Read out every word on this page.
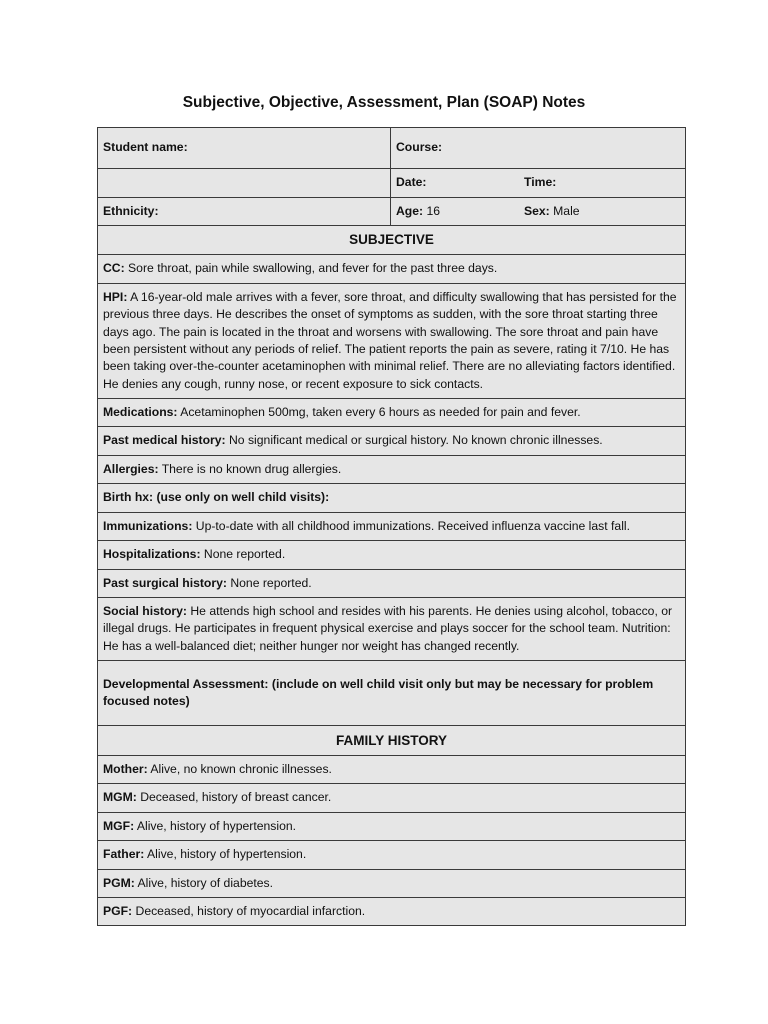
Subjective, Objective, Assessment, Plan (SOAP) Notes
Student name:	Course:

	Date: Time:

Ethnicity:	Age: 16 Sex: Male

SUBJECTIVE	
CC: Sore throat, pain while swallowing, and fever for the past three days.	
HPI: A 16-year-old male arrives with a fever, sore throat, and difficulty swallowing that has persisted for the previous three days. He describes the onset of symptoms as sudden, with the sore throat starting three days ago. The pain is located in the throat and worsens with swallowing. The sore throat and pain have been persistent without any periods of relief. The patient reports the pain as severe, rating it 7/10. He has been taking over-the-counter acetaminophen with minimal relief. There are no alleviating factors identified. He denies any cough, runny nose, or recent exposure to sick contacts.	
Medications: Acetaminophen 500mg, taken every 6 hours as needed for pain and fever.	
Past medical history: No significant medical or surgical history. No known chronic illnesses.	
Allergies: There is no known drug allergies.	
Birth hx: (use only on well child visits):	
Immunizations: Up-to-date with all childhood immunizations. Received influenza vaccine last fall.	
Hospitalizations: None reported.	
Past surgical history: None reported.	
Social history: He attends high school and resides with his parents. He denies using alcohol, tobacco, or illegal drugs. He participates in frequent physical exercise and plays soccer for the school team. Nutrition: He has a well-balanced diet; neither hunger nor weight has changed recently.	
Developmental Assessment: (include on well child visit only but may be necessary for problem focused notes)	
FAMILY HISTORY	
Mother: Alive, no known chronic illnesses.	
MGM: Deceased, history of breast cancer.	
MGF: Alive, history of hypertension.	
Father: Alive, history of hypertension.	
PGM: Alive, history of diabetes.	
PGF: Deceased, history of myocardial infarction.	
